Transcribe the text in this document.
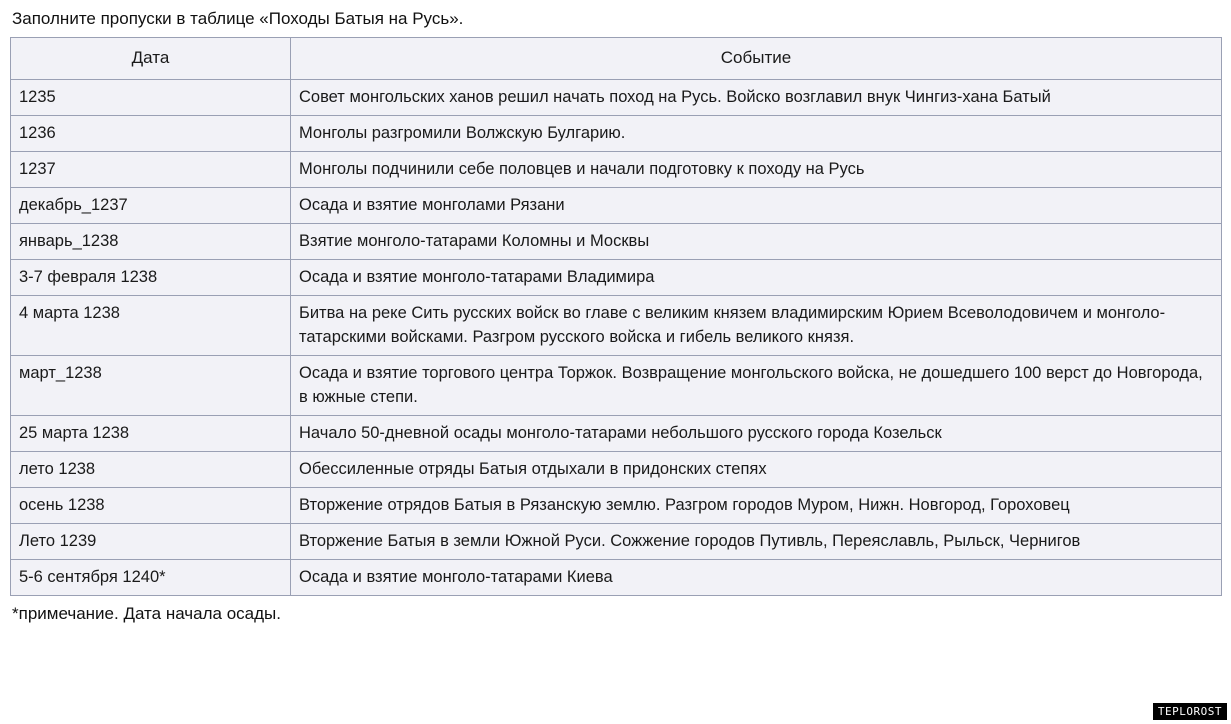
Заполните пропуски в таблице «Походы Батыя на Русь».

Дата	Событие
1235	Совет монгольских ханов решил начать поход на Русь. Войско возглавил внук Чингиз-хана Батый
1236	Монголы разгромили Волжскую Булгарию.
1237	Монголы подчинили себе половцев и начали подготовку к походу на Русь
декабрь_1237	Осада и взятие монголами Рязани
январь_1238	Взятие монголо-татарами Коломны и Москвы
3-7 февраля 1238	Осада и взятие монголо-татарами Владимира
4 марта 1238	Битва на реке Сить русских войск во главе с великим князем владимирским Юрием Всеволодовичем и монголо-татарскими войсками. Разгром русского войска и гибель великого князя.
март_1238	Осада и взятие торгового центра Торжок. Возвращение монгольского войска, не дошедшего 100 верст до Новгорода, в южные степи.
25 марта 1238	Начало 50-дневной осады монголо-татарами небольшого русского города Козельск
лето 1238	Обессиленные отряды Батыя отдыхали в придонских степях
осень 1238	Вторжение отрядов Батыя в Рязанскую землю. Разгром городов Муром, Нижн. Новгород, Гороховец
Лето 1239	Вторжение Батыя в земли Южной Руси. Сожжение городов Путивль, Переяславль, Рыльск, Чернигов
5-6 сентября 1240*	Осада и взятие монголо-татарами Киева

*примечание. Дата начала осады.

TEPLOROST
